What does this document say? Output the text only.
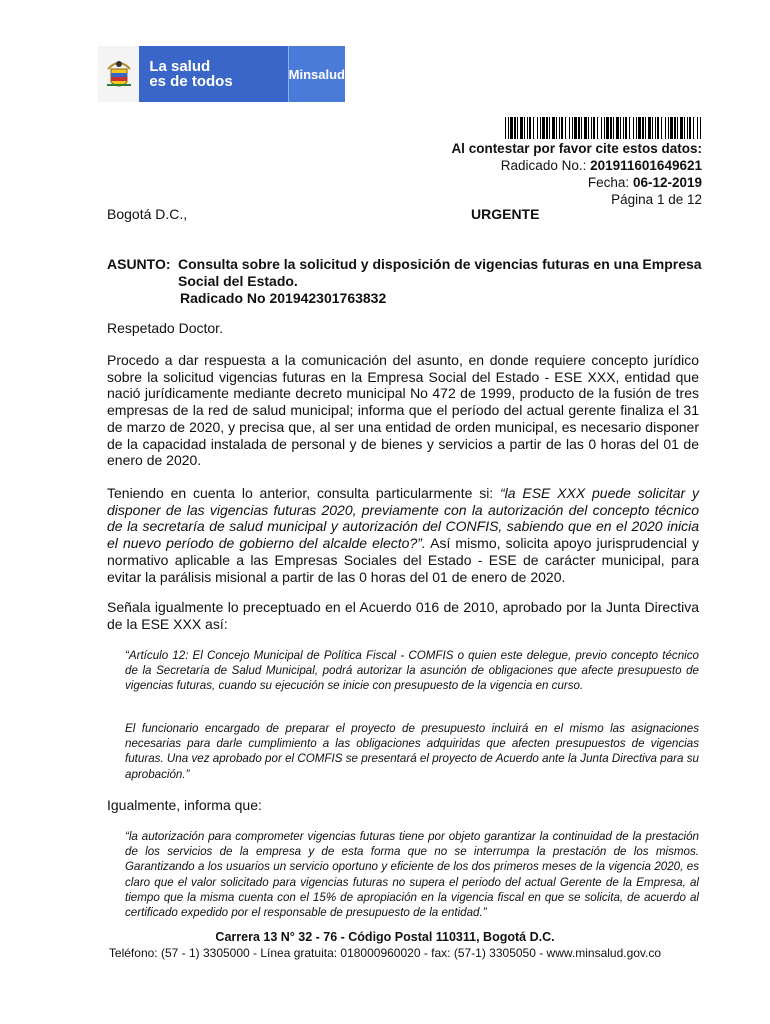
La salud
es de todos	Minsalud
Al contestar por favor cite estos datos:
Radicado No.: 201911601649621
Fecha: 06-12-2019
Página 1 de 12
Bogotá D.C.,	URGENTE
ASUNTO: Consulta sobre la solicitud y disposición de vigencias futuras en una Empresa Social del Estado.
Radicado No 201942301763832
Respetado Doctor.
Procedo a dar respuesta a la comunicación del asunto, en donde requiere concepto jurídico sobre la solicitud vigencias futuras en la Empresa Social del Estado - ESE XXX, entidad que nació jurídicamente mediante decreto municipal No 472 de 1999, producto de la fusión de tres empresas de la red de salud municipal; informa que el período del actual gerente finaliza el 31 de marzo de 2020, y precisa que, al ser una entidad de orden municipal, es necesario disponer de la capacidad instalada de personal y de bienes y servicios a partir de las 0 horas del 01 de enero de 2020.
Teniendo en cuenta lo anterior, consulta particularmente si: “la ESE XXX puede solicitar y disponer de las vigencias futuras 2020, previamente con la autorización del concepto técnico de la secretaría de salud municipal y autorización del CONFIS, sabiendo que en el 2020 inicia el nuevo período de gobierno del alcalde electo?”. Así mismo, solicita apoyo jurisprudencial y normativo aplicable a las Empresas Sociales del Estado - ESE de carácter municipal, para evitar la parálisis misional a partir de las 0 horas del 01 de enero de 2020.
Señala igualmente lo preceptuado en el Acuerdo 016 de 2010, aprobado por la Junta Directiva de la ESE XXX así:
“Artículo 12: El Concejo Municipal de Política Fiscal - COMFIS o quien este delegue, previo concepto técnico de la Secretaría de Salud Municipal, podrá autorizar la asunción de obligaciones que afecte presupuesto de vigencias futuras, cuando su ejecución se inicie con presupuesto de la vigencia en curso.
El funcionario encargado de preparar el proyecto de presupuesto incluirá en el mismo las asignaciones necesarias para darle cumplimiento a las obligaciones adquiridas que afecten presupuestos de vigencias futuras. Una vez aprobado por el COMFIS se presentará el proyecto de Acuerdo ante la Junta Directiva para su aprobación.”
Igualmente, informa que:
“la autorización para comprometer vigencias futuras tiene por objeto garantizar la continuidad de la prestación de los servicios de la empresa y de esta forma que no se interrumpa la prestación de los mismos. Garantizando a los usuarios un servicio oportuno y eficiente de los dos primeros meses de la vigencia 2020, es claro que el valor solicitado para vigencias futuras no supera el periodo del actual Gerente de la Empresa, al tiempo que la misma cuenta con el 15% de apropiación en la vigencia fiscal en que se solicita, de acuerdo al certificado expedido por el responsable de presupuesto de la entidad.”
Carrera 13 N° 32 - 76 - Código Postal 110311, Bogotá D.C.
Teléfono: (57 - 1) 3305000 - Línea gratuita: 018000960020 - fax: (57-1) 3305050 - www.minsalud.gov.co
